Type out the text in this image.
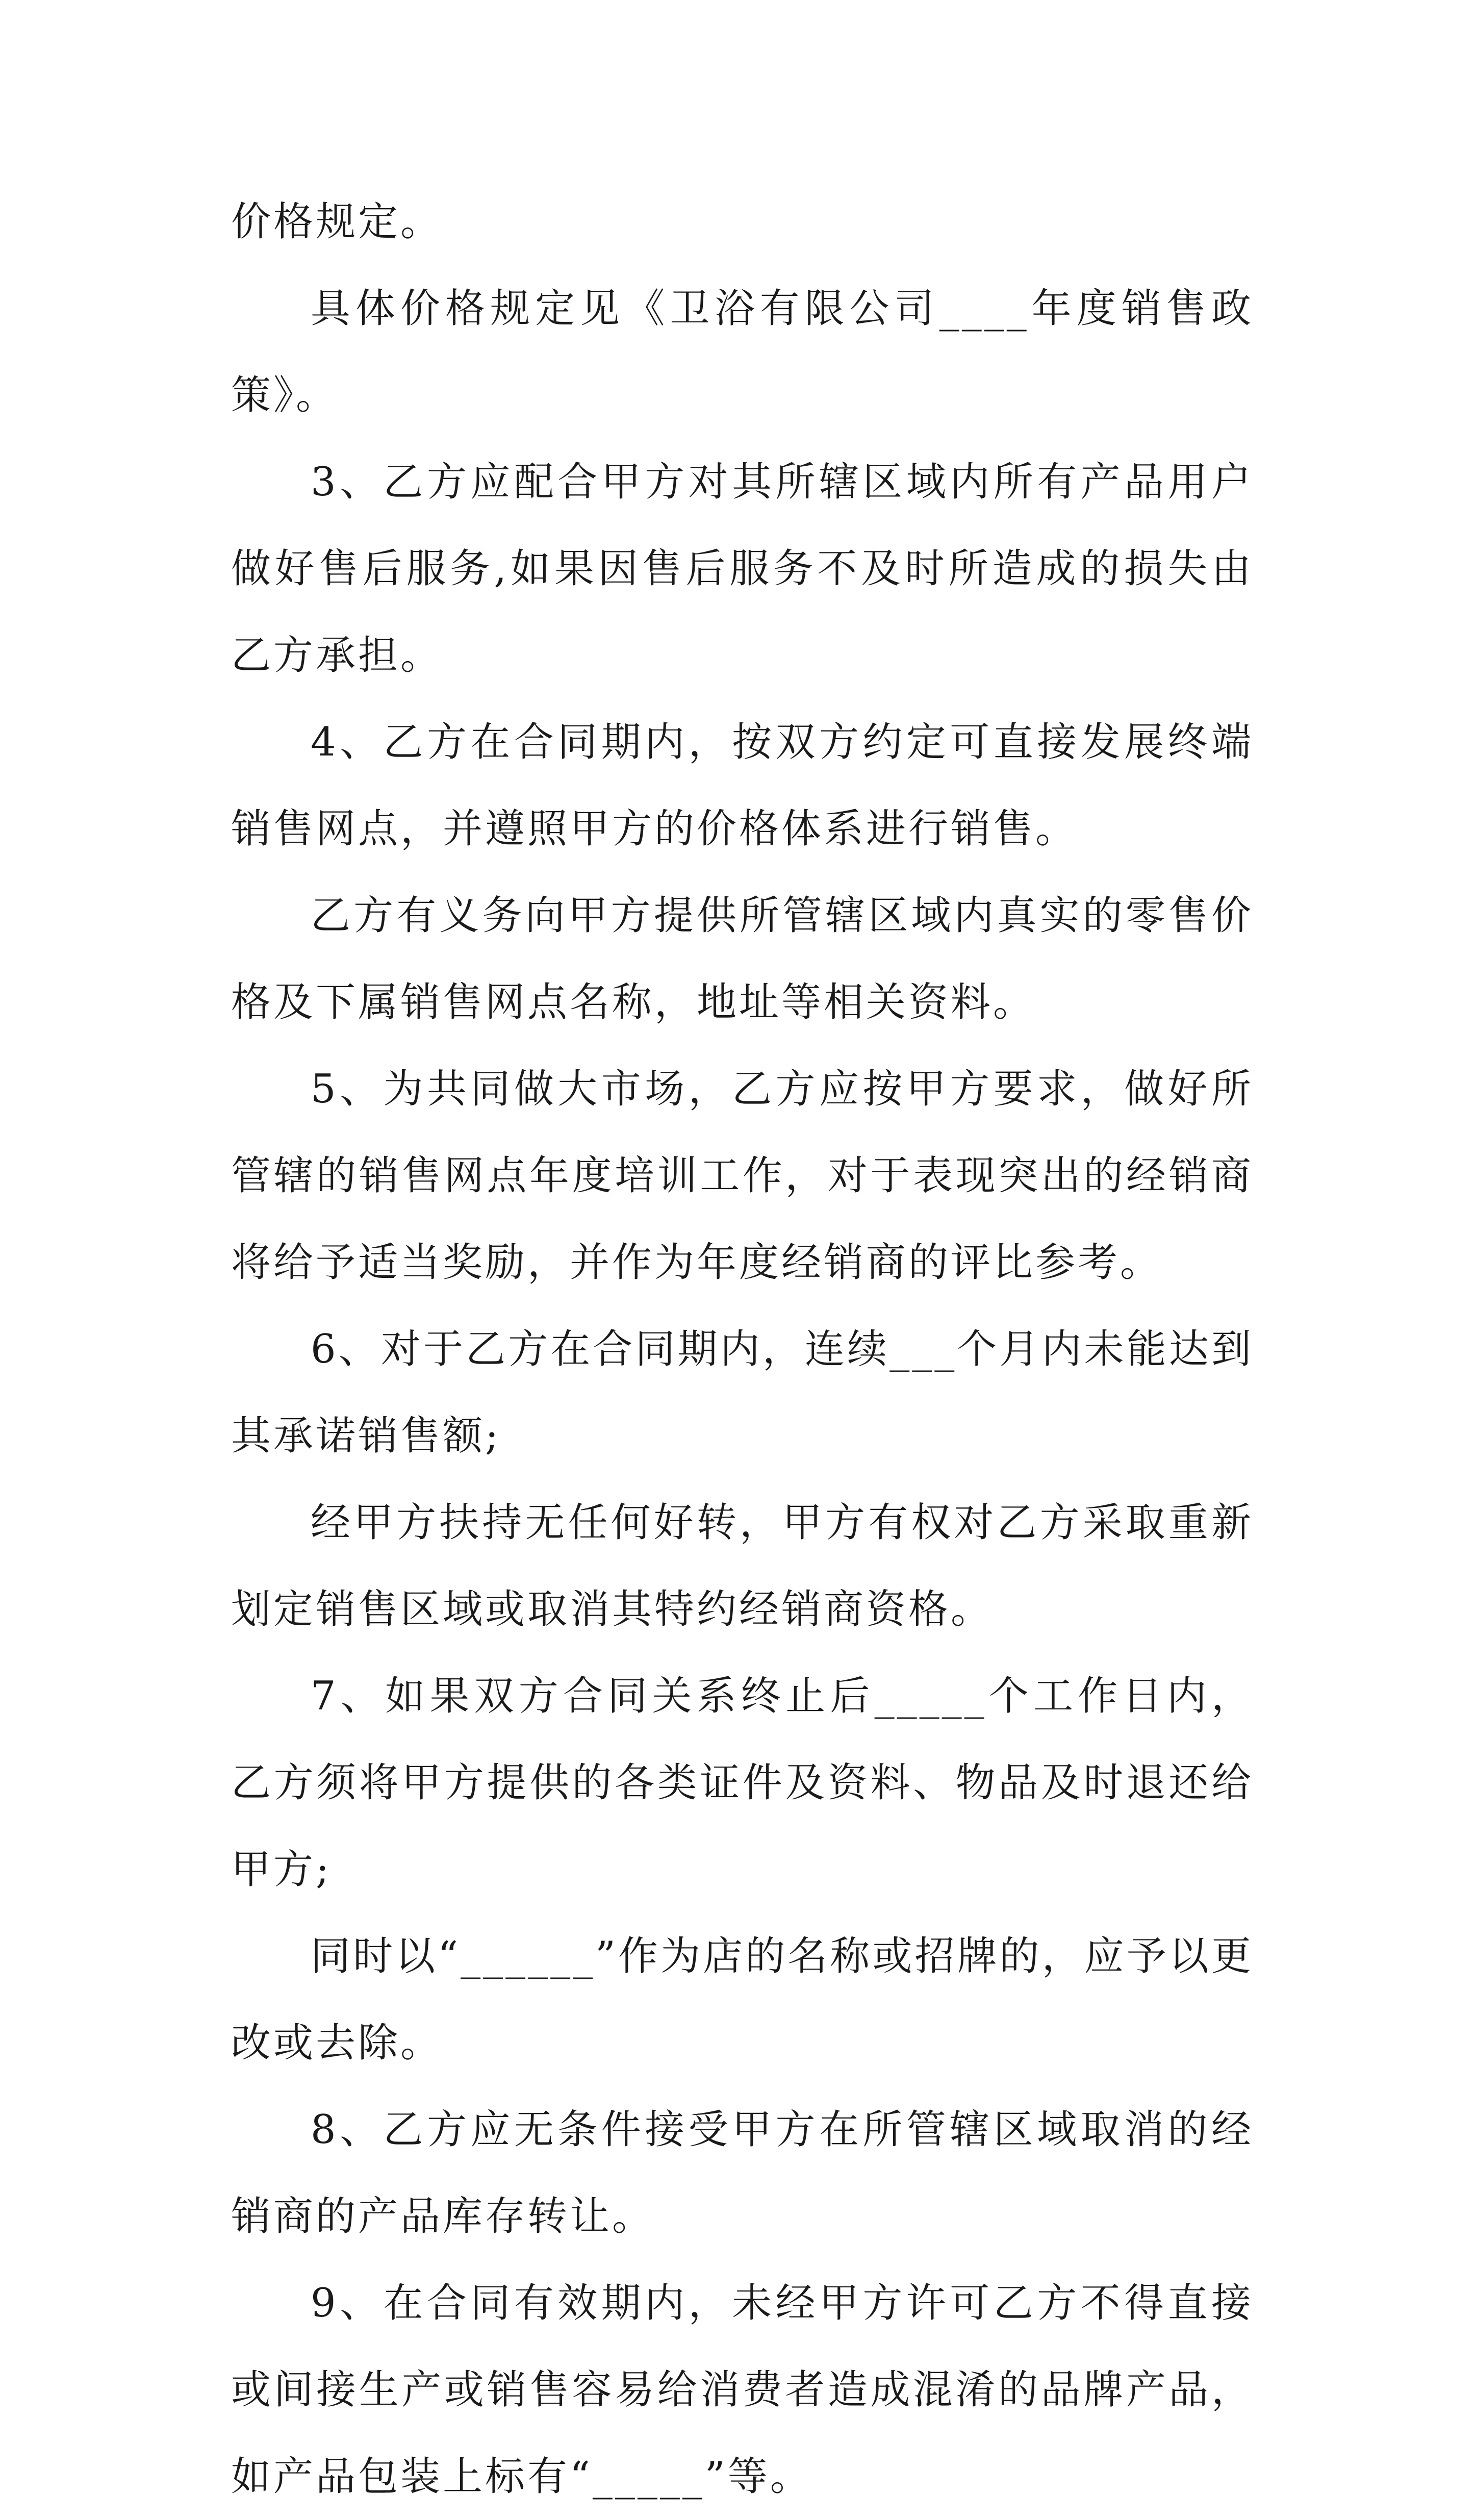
价格规定。

具体价格规定见《卫浴有限公司____年度销售政策》。

3、乙方应配合甲方对其所辖区域内所有产品用户做好售后服务,如果因售后服务不及时所造成的损失由乙方承担。

4、乙方在合同期内，按双方约定可直接发展终端销售网点，并遵照甲方的价格体系进行销售。

乙方有义务向甲方提供所管辖区域内真实的零售价格及下属销售网点名称，地址等相关资料。

5、为共同做大市场，乙方应按甲方要求，做好所管辖的销售网点年度培训工作，对于表现突出的经销商将给予适当奖励，并作为年度经销商的评比参考。

6、对于乙方在合同期内，连续___个月内未能达到其承诺销售额;

经甲方扶持无任何好转，甲方有权对乙方采取重新划定销售区域或取消其特约经销商资格。

7、如果双方合同关系终止后_____个工作日内，乙方须将甲方提供的各类证件及资料、物品及时退还给甲方;

同时以“______”作为店的名称或招牌的，应予以更改或去除。

8、乙方应无条件接受甲方在所管辖区域取消的经销商的产品库存转让。

9、在合同有效期内，未经甲方许可乙方不得直接或间接生产或销售容易给消费者造成混淆的品牌产品，如产品包装上标有“_____”等。
